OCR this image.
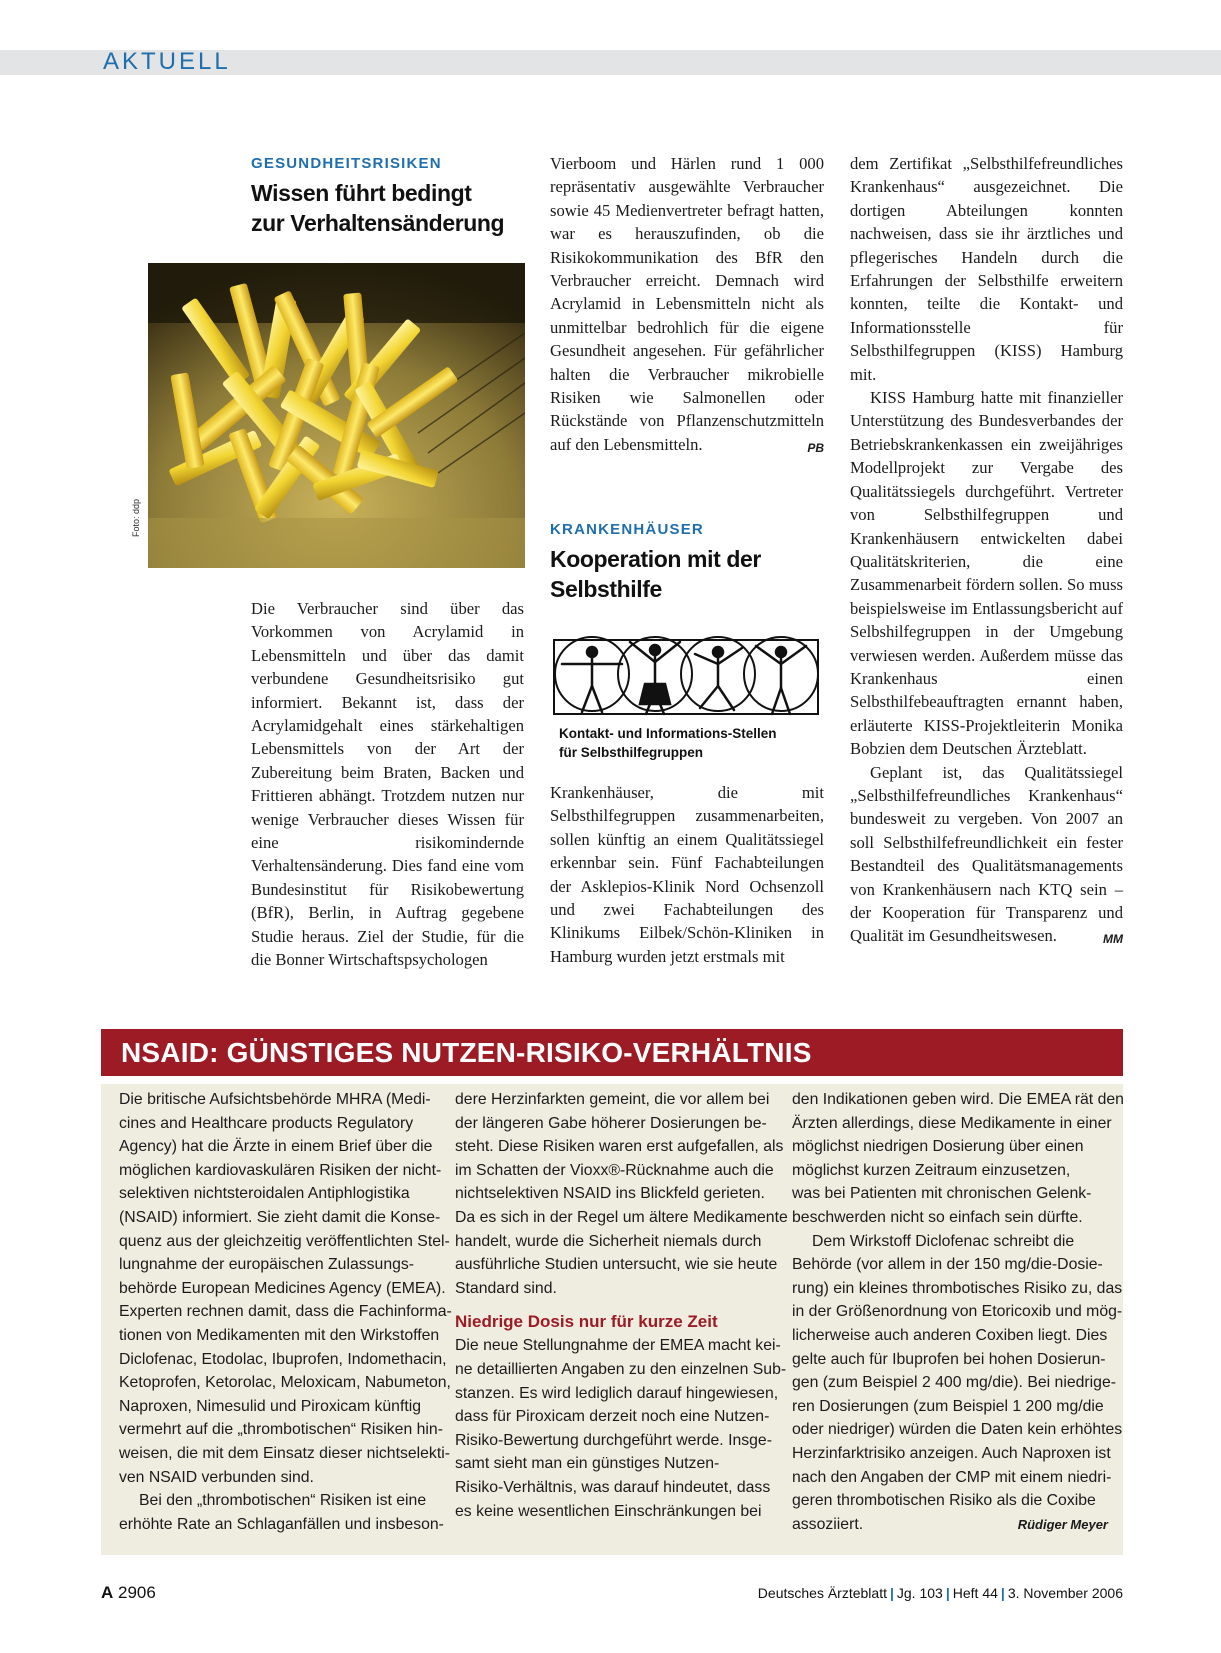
AKTUELL
GESUNDHEITSRISIKEN
Wissen führt bedingt
zur Verhaltensänderung
Foto: ddp

Die Verbraucher sind über das Vorkommen von Acrylamid in Lebensmitteln und über das damit verbundene Gesundheitsrisiko gut informiert. Bekannt ist, dass der Acrylamidgehalt eines stärkehaltigen Lebensmittels von der Art der Zubereitung beim Braten, Backen und Frittieren abhängt. Trotzdem nutzen nur wenige Verbraucher dieses Wissen für eine risikomindernde Verhaltensänderung. Dies fand eine vom Bundesinstitut für Risikobewertung (BfR), Berlin, in Auftrag gegebene Studie heraus. Ziel der Studie, für die die Bonner Wirtschaftspsychologen

Vierboom und Härlen rund 1 000 repräsentativ ausgewählte Verbraucher sowie 45 Medienvertreter befragt hatten, war es herauszufinden, ob die Risikokommunikation des BfR den Verbraucher erreicht. Demnach wird Acrylamid in Lebensmitteln nicht als unmittelbar bedrohlich für die eigene Gesundheit angesehen. Für gefährlicher halten die Verbraucher mikrobielle Risiken wie Salmonellen oder Rückstände von Pflanzenschutzmitteln auf den Lebensmitteln.	PB

KRANKENHÄUSER
Kooperation mit der
Selbsthilfe
Kontakt- und Informations-Stellen
für Selbsthilfegruppen

Krankenhäuser, die mit Selbsthilfegruppen zusammenarbeiten, sollen künftig an einem Qualitätssiegel erkennbar sein. Fünf Fachabteilungen der Asklepios-Klinik Nord Ochsenzoll und zwei Fachabteilungen des Klinikums Eilbek/Schön-Kliniken in Hamburg wurden jetzt erstmals mit

dem Zertifikat „Selbsthilfefreundliches Krankenhaus“ ausgezeichnet. Die dortigen Abteilungen konnten nachweisen, dass sie ihr ärztliches und pflegerisches Handeln durch die Erfahrungen der Selbsthilfe erweitern konnten, teilte die Kontakt- und Informationsstelle für Selbsthilfegruppen (KISS) Hamburg mit.

KISS Hamburg hatte mit finanzieller Unterstützung des Bundesverbandes der Betriebskrankenkassen ein zweijähriges Modellprojekt zur Vergabe des Qualitätssiegels durchgeführt. Vertreter von Selbsthilfegruppen und Krankenhäusern entwickelten dabei Qualitätskriterien, die eine Zusammenarbeit fördern sollen. So muss beispielsweise im Entlassungsbericht auf Selbshilfegruppen in der Umgebung verwiesen werden. Außerdem müsse das Krankenhaus einen Selbsthilfebeauftragten ernannt haben, erläuterte KISS-Projektleiterin Monika Bobzien dem Deutschen Ärzteblatt.

Geplant ist, das Qualitätssiegel „Selbsthilfefreundliches Krankenhaus“ bundesweit zu vergeben. Von 2007 an soll Selbsthilfefreundlichkeit ein fester Bestandteil des Qualitätsmanagements von Krankenhäusern nach KTQ sein – der Kooperation für Transparenz und Qualität im Gesundheitswesen.	MM

NSAID: GÜNSTIGES NUTZEN-RISIKO-VERHÄLTNIS

Die britische Aufsichtsbehörde MHRA (Medi-

cines and Healthcare products Regulatory

Agency) hat die Ärzte in einem Brief über die

möglichen kardiovaskulären Risiken der nicht-

selektiven nichtsteroidalen Antiphlogistika

(NSAID) informiert. Sie zieht damit die Konse-

quenz aus der gleichzeitig veröffentlichten Stel-

lungnahme der europäischen Zulassungs-

behörde European Medicines Agency (EMEA).

Experten rechnen damit, dass die Fachinforma-

tionen von Medikamenten mit den Wirkstoffen

Diclofenac, Etodolac, Ibuprofen, Indomethacin,

Ketoprofen, Ketorolac, Meloxicam, Nabumeton,

Naproxen, Nimesulid und Piroxicam künftig

vermehrt auf die „thrombotischen“ Risiken hin-

weisen, die mit dem Einsatz dieser nichtselekti-

ven NSAID verbunden sind.

Bei den „thrombotischen“ Risiken ist eine

erhöhte Rate an Schlaganfällen und insbeson-

dere Herzinfarkten gemeint, die vor allem bei

der längeren Gabe höherer Dosierungen be-

steht. Diese Risiken waren erst aufgefallen, als

im Schatten der Vioxx®-Rücknahme auch die

nichtselektiven NSAID ins Blickfeld gerieten.

Da es sich in der Regel um ältere Medikamente

handelt, wurde die Sicherheit niemals durch

ausführliche Studien untersucht, wie sie heute

Standard sind.

Niedrige Dosis nur für kurze Zeit

Die neue Stellungnahme der EMEA macht kei-

ne detaillierten Angaben zu den einzelnen Sub-

stanzen. Es wird lediglich darauf hingewiesen,

dass für Piroxicam derzeit noch eine Nutzen-

Risiko-Bewertung durchgeführt werde. Insge-

samt sieht man ein günstiges Nutzen-

Risiko-Verhältnis, was darauf hindeutet, dass

es keine wesentlichen Einschränkungen bei

den Indikationen geben wird. Die EMEA rät den

Ärzten allerdings, diese Medikamente in einer

möglichst niedrigen Dosierung über einen

möglichst kurzen Zeitraum einzusetzen,

was bei Patienten mit chronischen Gelenk-

beschwerden nicht so einfach sein dürfte.

Dem Wirkstoff Diclofenac schreibt die

Behörde (vor allem in der 150 mg/die-Dosie-

rung) ein kleines thrombotisches Risiko zu, das

in der Größenordnung von Etoricoxib und mög-

licherweise auch anderen Coxiben liegt. Dies

gelte auch für Ibuprofen bei hohen Dosierun-

gen (zum Beispiel 2 400 mg/die). Bei niedrige-

ren Dosierungen (zum Beispiel 1 200 mg/die

oder niedriger) würden die Daten kein erhöhtes

Herzinfarktrisiko anzeigen. Auch Naproxen ist

nach den Angaben der CMP mit einem niedri-

geren thrombotischen Risiko als die Coxibe

assoziiert.	Rüdiger Meyer

A 2906	Deutsches Ärzteblatt | Jg. 103 | Heft 44 | 3. November 2006
